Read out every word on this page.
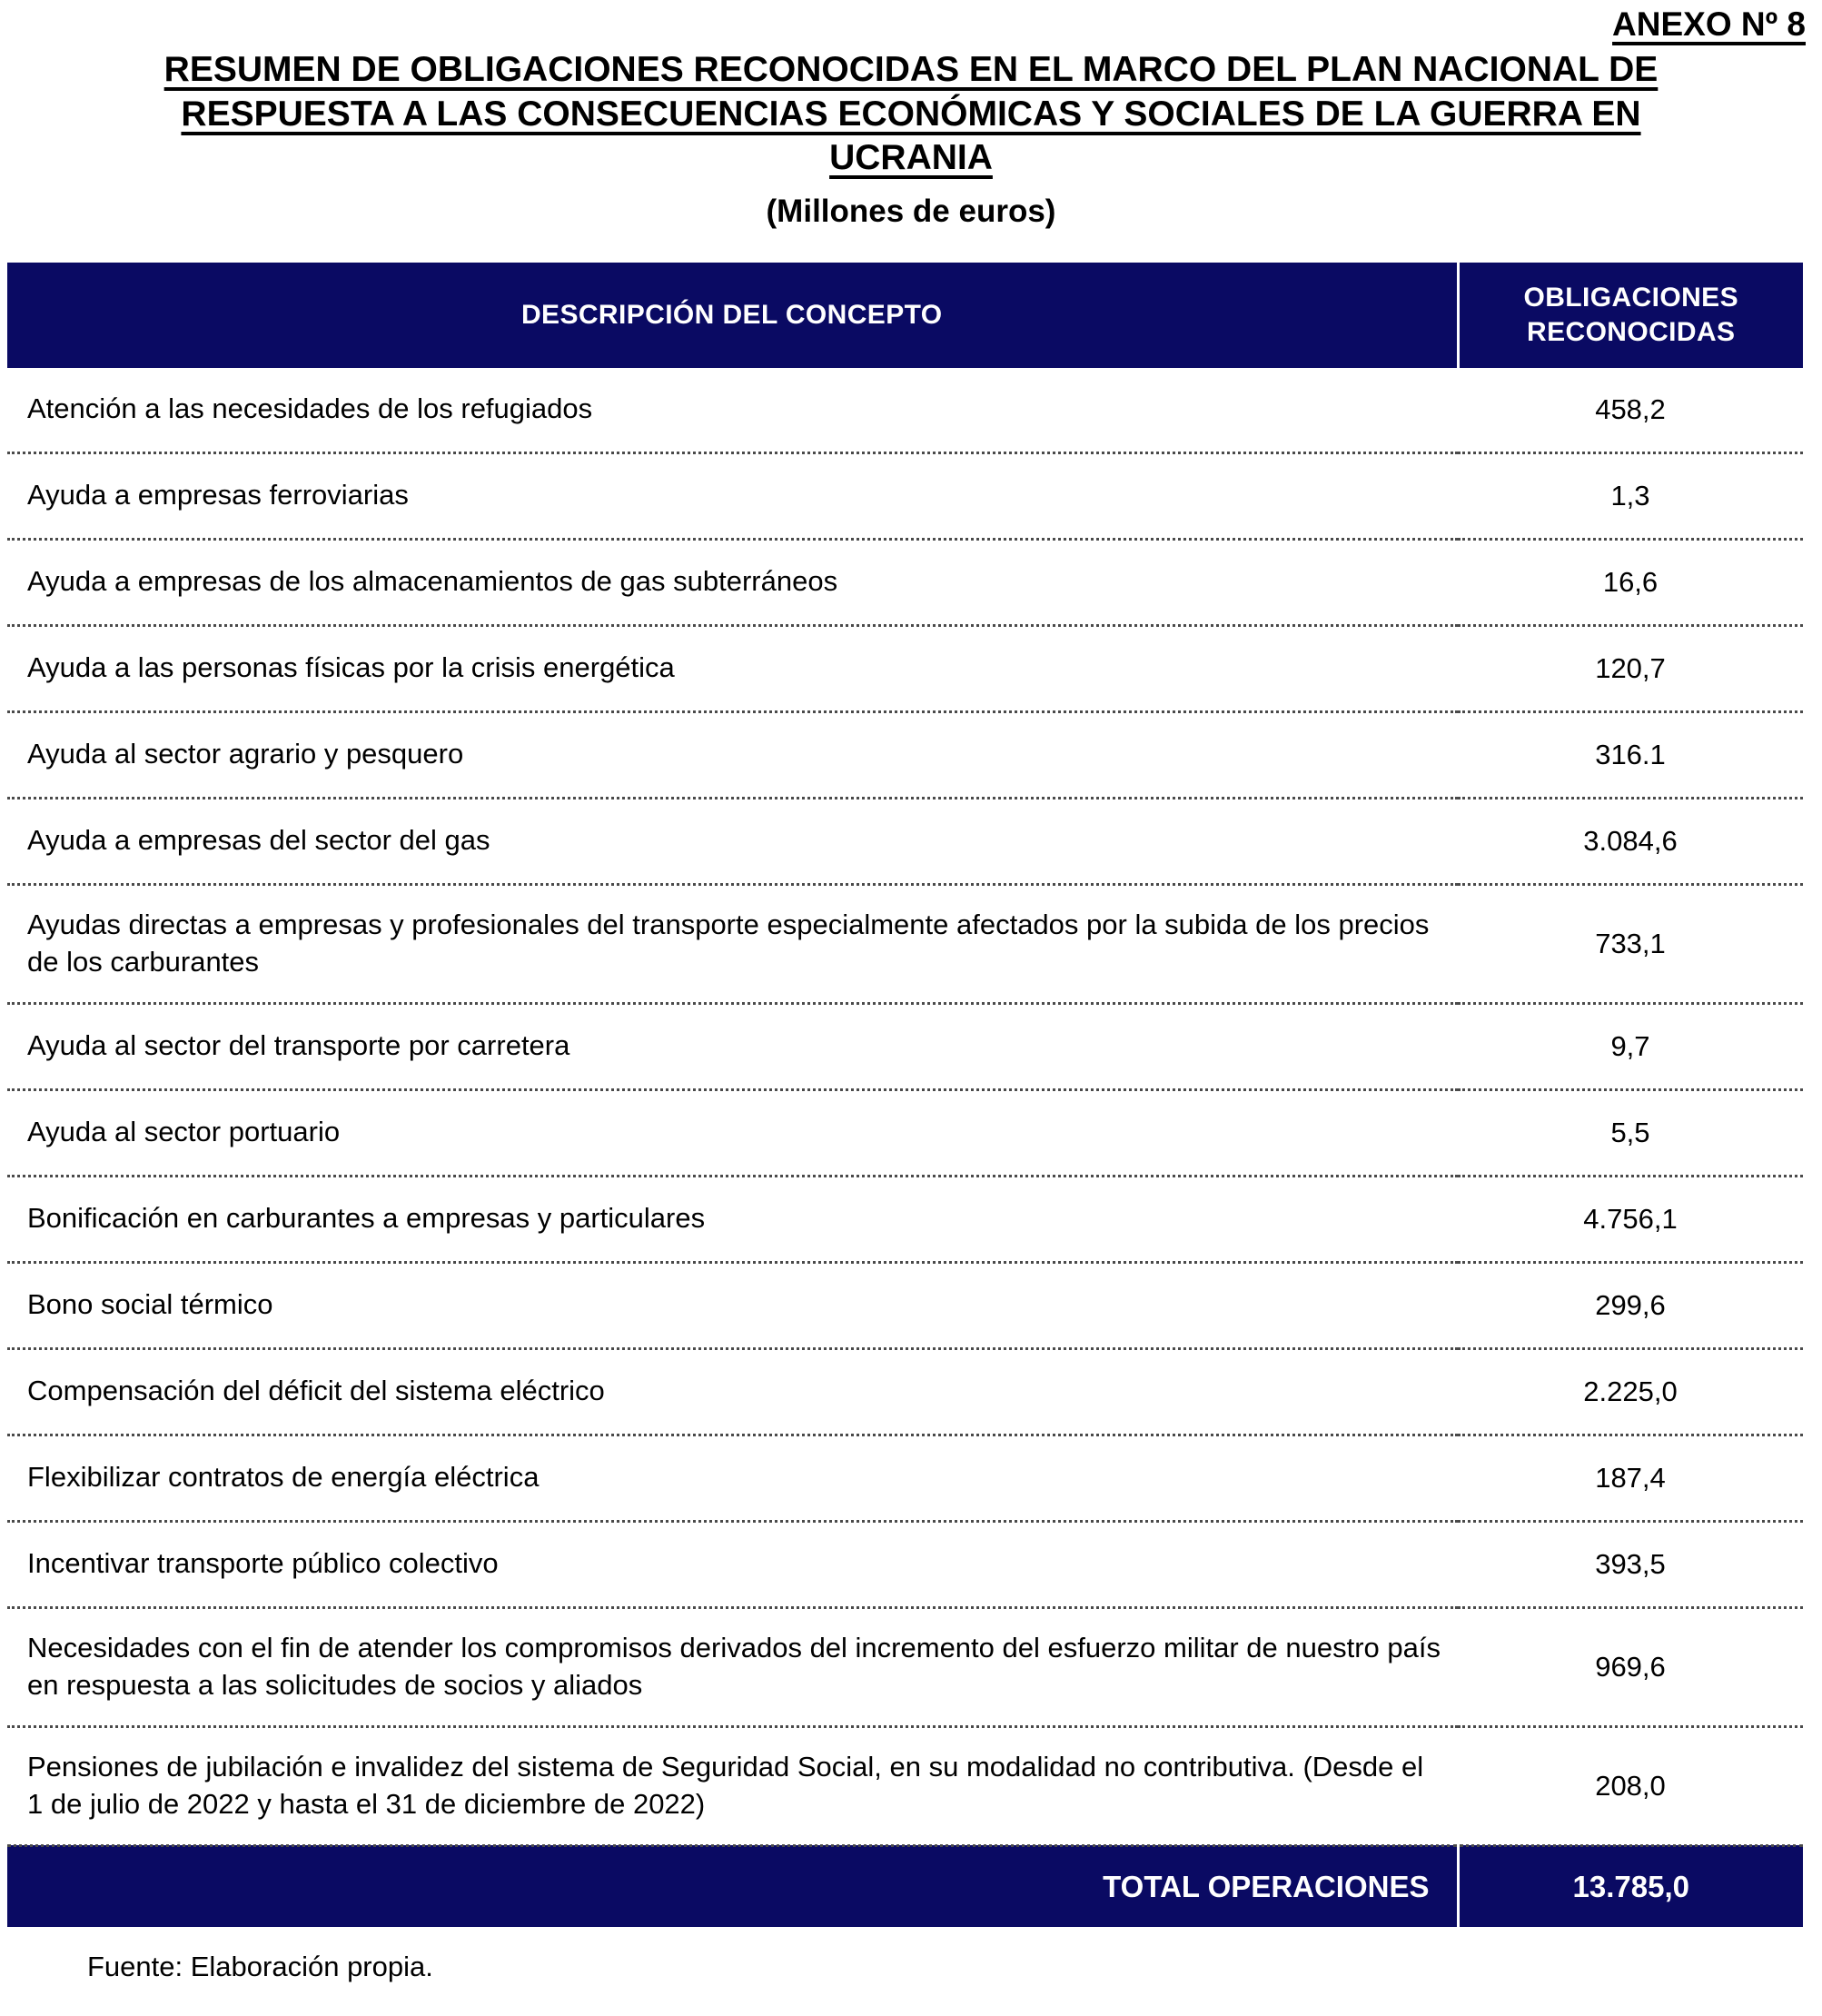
ANEXO Nº 8
RESUMEN DE OBLIGACIONES RECONOCIDAS EN EL MARCO DEL PLAN NACIONAL DE
RESPUESTA A LAS CONSECUENCIAS ECONÓMICAS Y SOCIALES DE LA GUERRA EN
UCRANIA
(Millones de euros)
DESCRIPCIÓN DEL CONCEPTO	OBLIGACIONES
RECONOCIDAS
Atención a las necesidades de los refugiados	458,2
Ayuda a empresas ferroviarias	1,3
Ayuda a empresas de los almacenamientos de gas subterráneos	16,6
Ayuda a las personas físicas por la crisis energética	120,7
Ayuda al sector agrario y pesquero	316.1
Ayuda a empresas del sector del gas	3.084,6
Ayudas directas a empresas y profesionales del transporte especialmente afectados por la subida de los precios de los carburantes	733,1
Ayuda al sector del transporte por carretera	9,7
Ayuda al sector portuario	5,5
Bonificación en carburantes a empresas y particulares	4.756,1
Bono social térmico	299,6
Compensación del déficit del sistema eléctrico	2.225,0
Flexibilizar contratos de energía eléctrica	187,4
Incentivar transporte público colectivo	393,5
Necesidades con el fin de atender los compromisos derivados del incremento del esfuerzo militar de nuestro país en respuesta a las solicitudes de socios y aliados	969,6
Pensiones de jubilación e invalidez del sistema de Seguridad Social, en su modalidad no contributiva. (Desde el 1 de julio de 2022 y hasta el 31 de diciembre de 2022)	208,0
TOTAL OPERACIONES	13.785,0
Fuente: Elaboración propia.
